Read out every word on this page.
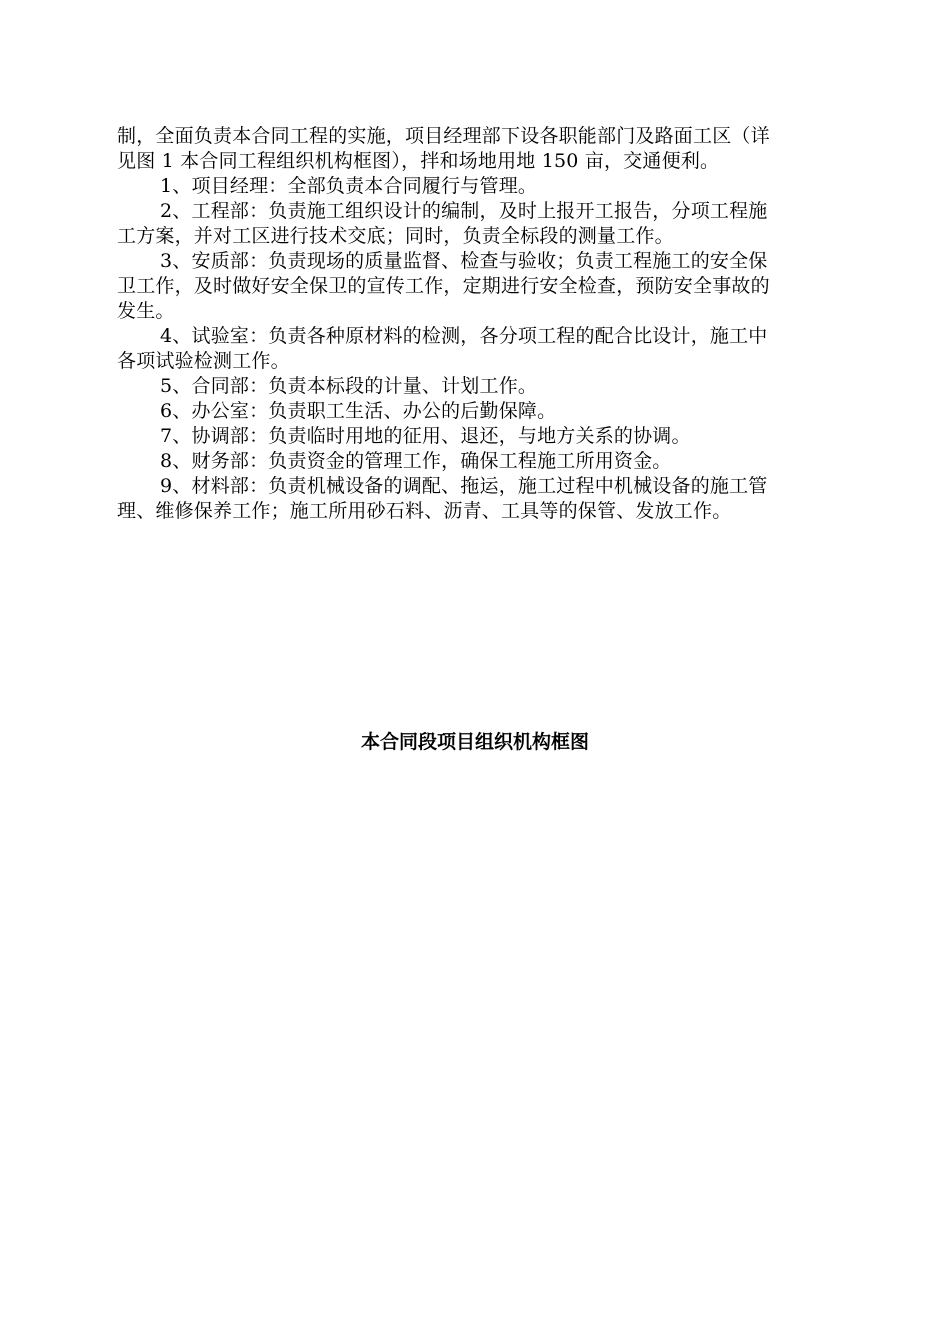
制，全面负责本合同工程的实施，项目经理部下设各职能部门及路面工区（详
见图 1 本合同工程组织机构框图），拌和场地用地 150 亩，交通便利。
1、项目经理：全部负责本合同履行与管理。
2、工程部：负责施工组织设计的编制，及时上报开工报告，分项工程施
工方案，并对工区进行技术交底；同时，负责全标段的测量工作。
3、安质部：负责现场的质量监督、检查与验收；负责工程施工的安全保
卫工作，及时做好安全保卫的宣传工作，定期进行安全检查，预防安全事故的
发生。
4、试验室：负责各种原材料的检测，各分项工程的配合比设计，施工中
各项试验检测工作。
5、合同部：负责本标段的计量、计划工作。
6、办公室：负责职工生活、办公的后勤保障。
7、协调部：负责临时用地的征用、退还，与地方关系的协调。
8、财务部：负责资金的管理工作，确保工程施工所用资金。
9、材料部：负责机械设备的调配、拖运，施工过程中机械设备的施工管
理、维修保养工作；施工所用砂石料、沥青、工具等的保管、发放工作。
本合同段项目组织机构框图
